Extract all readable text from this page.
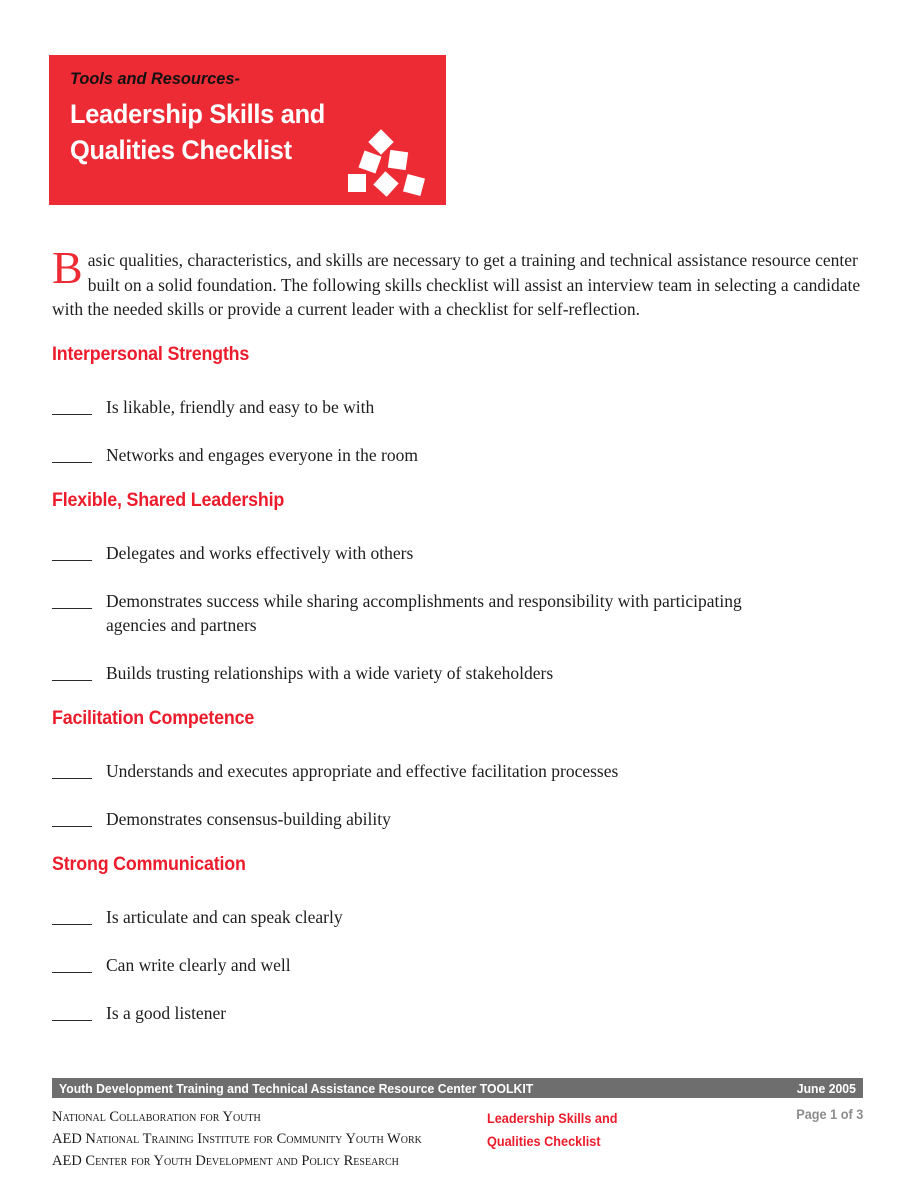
Tools and Resources-
Leadership Skills and
Qualities Checklist

Basic qualities, characteristics, and skills are necessary to get a training and technical assistance resource center built on a solid foundation. The following skills checklist will assist an interview team in selecting a candidate with the needed skills or provide a current leader with a checklist for self-reflection.

Interpersonal Strengths
Is likable, friendly and easy to be with
Networks and engages everyone in the room
Flexible, Shared Leadership
Delegates and works effectively with others
Demonstrates success while sharing accomplishments and responsibility with participating agencies and partners
Builds trusting relationships with a wide variety of stakeholders
Facilitation Competence
Understands and executes appropriate and effective facilitation processes
Demonstrates consensus-building ability
Strong Communication
Is articulate and can speak clearly
Can write clearly and well
Is a good listener
Youth Development Training and Technical Assistance Resource Center TOOLKIT	June 2005
National Collaboration for Youth
AED National Training Institute for Community Youth Work
AED Center for Youth Development and Policy Research
Leadership Skills and
Qualities Checklist
Page 1 of 3
